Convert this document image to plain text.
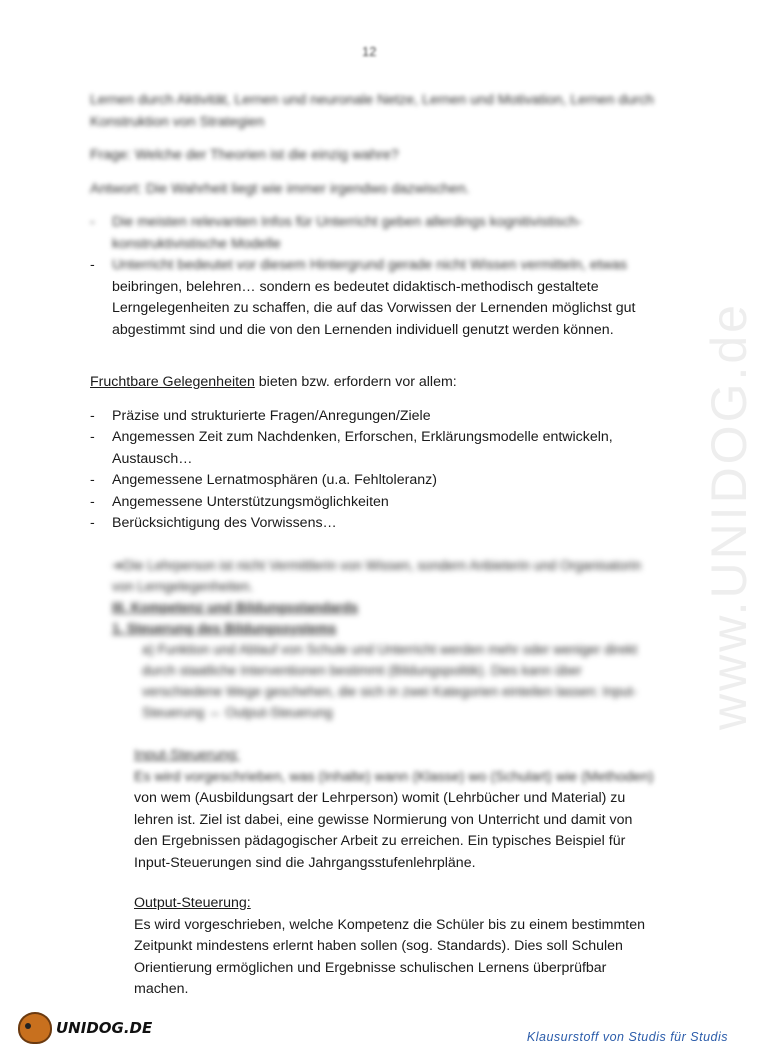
12
www.UNIDOG.de

Lernen durch Aktivität, Lernen und neuronale Netze, Lernen und Motivation, Lernen durch Konstruktion von Strategien

Frage: Welche der Theorien ist die einzig wahre?

Antwort: Die Wahrheit liegt wie immer irgendwo dazwischen.

- Die meisten relevanten Infos für Unterricht geben allerdings kognitivistisch-konstruktivistische Modelle
- Unterricht bedeutet vor diesem Hintergrund gerade nicht Wissen vermitteln, etwas
beibringen, belehren… sondern es bedeutet didaktisch-methodisch gestaltete Lerngelegenheiten zu schaffen, die auf das Vorwissen der Lernenden möglichst gut abgestimmt sind und die von den Lernenden individuell genutzt werden können.

Fruchtbare Gelegenheiten bieten bzw. erfordern vor allem:

- Präzise und strukturierte Fragen/Anregungen/Ziele
- Angemessen Zeit zum Nachdenken, Erforschen, Erklärungsmodelle entwickeln, Austausch…
- Angemessene Lernatmosphären (u.a. Fehltoleranz)
- Angemessene Unterstützungsmöglichkeiten
- Berücksichtigung des Vorwissens…

➔Die Lehrperson ist nicht Vermittlerin von Wissen, sondern Anbieterin und Organisatorin von Lerngelegenheiten.

III. Kompetenz und Bildungsstandards

1. Steuerung des Bildungssystems

a) Funktion und Ablauf von Schule und Unterricht werden mehr oder weniger direkt durch staatliche Interventionen bestimmt (Bildungspolitik). Dies kann über verschiedene Wege geschehen, die sich in zwei Kategorien einteilen lassen: Input-Steuerung ⇔ Output-Steuerung

Input-Steuerung:

Es wird vorgeschrieben, was (Inhalte) wann (Klasse) wo (Schulart) wie (Methoden)

von wem (Ausbildungsart der Lehrperson) womit (Lehrbücher und Material) zu lehren ist. Ziel ist dabei, eine gewisse Normierung von Unterricht und damit von den Ergebnissen pädagogischer Arbeit zu erreichen. Ein typisches Beispiel für Input-Steuerungen sind die Jahrgangsstufenlehrpläne.

Output-Steuerung:

Es wird vorgeschrieben, welche Kompetenz die Schüler bis zu einem bestimmten Zeitpunkt mindestens erlernt haben sollen (sog. Standards). Dies soll Schulen Orientierung ermöglichen und Ergebnisse schulischen Lernens überprüfbar machen.

UNIDOG.DE	Klausurstoff von Studis für Studis
